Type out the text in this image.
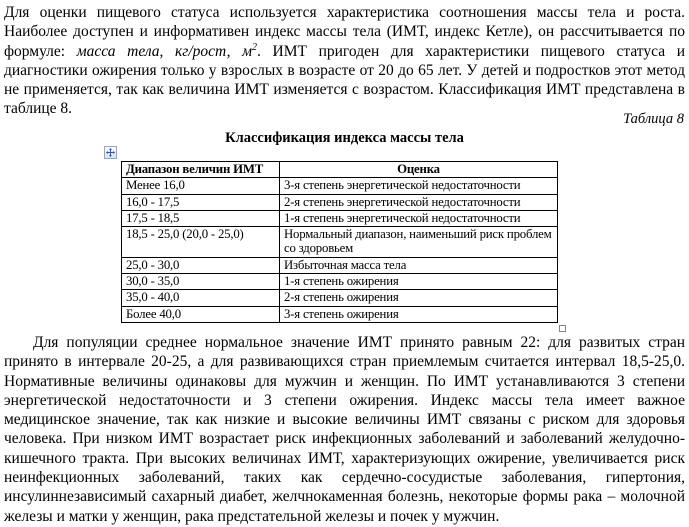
Для оценки пищевого статуса используется характеристика соотношения массы тела и роста. Наиболее доступен и информативен индекс массы тела (ИМТ, индекс Кетле), он рассчитывается по формуле: масса тела, кг/рост, $м^2$. ИМТ пригоден для характеристики пищевого статуса и диагностики ожирения только у взрослых в возрасте от 20 до 65 лет. У детей и подростков этот метод не применяется, так как величина ИМТ изменяется с возрастом. Классификация ИМТ представлена в таблице 8.

Таблица 8
Классификация индекса массы тела
Диапазон величин ИМТ	Оценка
Менее 16,0	3-я степень энергетической недостаточности
16,0 - 17,5	2-я степень энергетической недостаточности
17,5 - 18,5	1-я степень энергетической недостаточности
18,5 - 25,0 (20,0 - 25,0)	Нормальный диапазон, наименьший риск проблем со здоровьем
25,0 - 30,0	Избыточная масса тела
30,0 - 35,0	1-я степень ожирения
35,0 - 40,0	2-я степень ожирения
Более 40,0	3-я степень ожирения

Для популяции среднее нормальное значение ИМТ принято равным 22: для развитых стран принято в интервале 20-25, а для развивающихся стран приемлемым считается интервал 18,5-25,0. Нормативные величины одинаковы для мужчин и женщин. По ИМТ устанавливаются 3 степени энергетической недостаточности и 3 степени ожирения. Индекс массы тела имеет важное медицинское значение, так как низкие и высокие величины ИМТ связаны с риском для здоровья человека. При низком ИМТ возрастает риск инфекционных заболеваний и заболеваний желудочно-кишечного тракта. При высоких величинах ИМТ, характеризующих ожирение, увеличивается риск неинфекционных заболеваний, таких как сердечно-сосудистые заболевания, гипертония, инсулиннезависимый сахарный диабет, желчнокаменная болезнь, некоторые формы рака – молочной железы и матки у женщин, рака предстательной железы и почек у мужчин.
